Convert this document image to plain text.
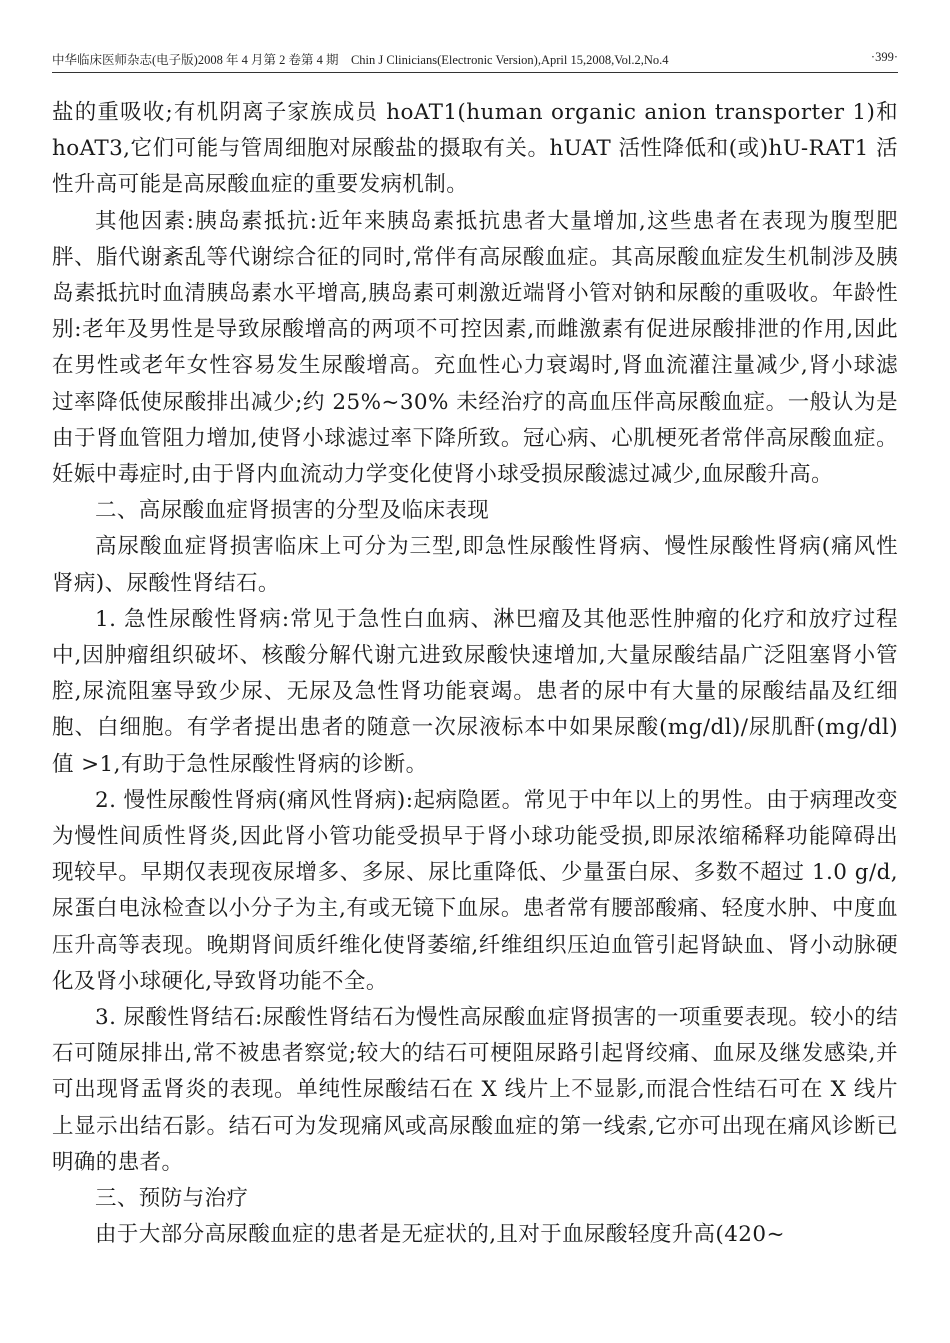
中华临床医师杂志(电子版)2008 年 4 月第 2 卷第 4 期　Chin J Clinicians(Electronic Version),April 15,2008,Vol.2,No.4	·399·

盐的重吸收;有机阴离子家族成员 hoAT1(human organic anion transporter 1)和 hoAT3,它们可能与管周细胞对尿酸盐的摄取有关。hUAT 活性降低和(或)hU-RAT1 活性升高可能是高尿酸血症的重要发病机制。

其他因素:胰岛素抵抗:近年来胰岛素抵抗患者大量增加,这些患者在表现为腹型肥胖、脂代谢紊乱等代谢综合征的同时,常伴有高尿酸血症。其高尿酸血症发生机制涉及胰岛素抵抗时血清胰岛素水平增高,胰岛素可刺激近端肾小管对钠和尿酸的重吸收。年龄性别:老年及男性是导致尿酸增高的两项不可控因素,而雌激素有促进尿酸排泄的作用,因此在男性或老年女性容易发生尿酸增高。充血性心力衰竭时,肾血流灌注量减少,肾小球滤过率降低使尿酸排出减少;约 25%~30% 未经治疗的高血压伴高尿酸血症。一般认为是由于肾血管阻力增加,使肾小球滤过率下降所致。冠心病、心肌梗死者常伴高尿酸血症。妊娠中毒症时,由于肾内血流动力学变化使肾小球受损尿酸滤过减少,血尿酸升高。

二、高尿酸血症肾损害的分型及临床表现

高尿酸血症肾损害临床上可分为三型,即急性尿酸性肾病、慢性尿酸性肾病(痛风性肾病)、尿酸性肾结石。

1. 急性尿酸性肾病:常见于急性白血病、淋巴瘤及其他恶性肿瘤的化疗和放疗过程中,因肿瘤组织破坏、核酸分解代谢亢进致尿酸快速增加,大量尿酸结晶广泛阻塞肾小管腔,尿流阻塞导致少尿、无尿及急性肾功能衰竭。患者的尿中有大量的尿酸结晶及红细胞、白细胞。有学者提出患者的随意一次尿液标本中如果尿酸(mg/dl)/尿肌酐(mg/dl)值 >1,有助于急性尿酸性肾病的诊断。

2. 慢性尿酸性肾病(痛风性肾病):起病隐匿。常见于中年以上的男性。由于病理改变为慢性间质性肾炎,因此肾小管功能受损早于肾小球功能受损,即尿浓缩稀释功能障碍出现较早。早期仅表现夜尿增多、多尿、尿比重降低、少量蛋白尿、多数不超过 1.0 g/d,尿蛋白电泳检查以小分子为主,有或无镜下血尿。患者常有腰部酸痛、轻度水肿、中度血压升高等表现。晚期肾间质纤维化使肾萎缩,纤维组织压迫血管引起肾缺血、肾小动脉硬化及肾小球硬化,导致肾功能不全。

3. 尿酸性肾结石:尿酸性肾结石为慢性高尿酸血症肾损害的一项重要表现。较小的结石可随尿排出,常不被患者察觉;较大的结石可梗阻尿路引起肾绞痛、血尿及继发感染,并可出现肾盂肾炎的表现。单纯性尿酸结石在 X 线片上不显影,而混合性结石可在 X 线片上显示出结石影。结石可为发现痛风或高尿酸血症的第一线索,它亦可出现在痛风诊断已明确的患者。

三、预防与治疗

由于大部分高尿酸血症的患者是无症状的,且对于血尿酸轻度升高(420~
